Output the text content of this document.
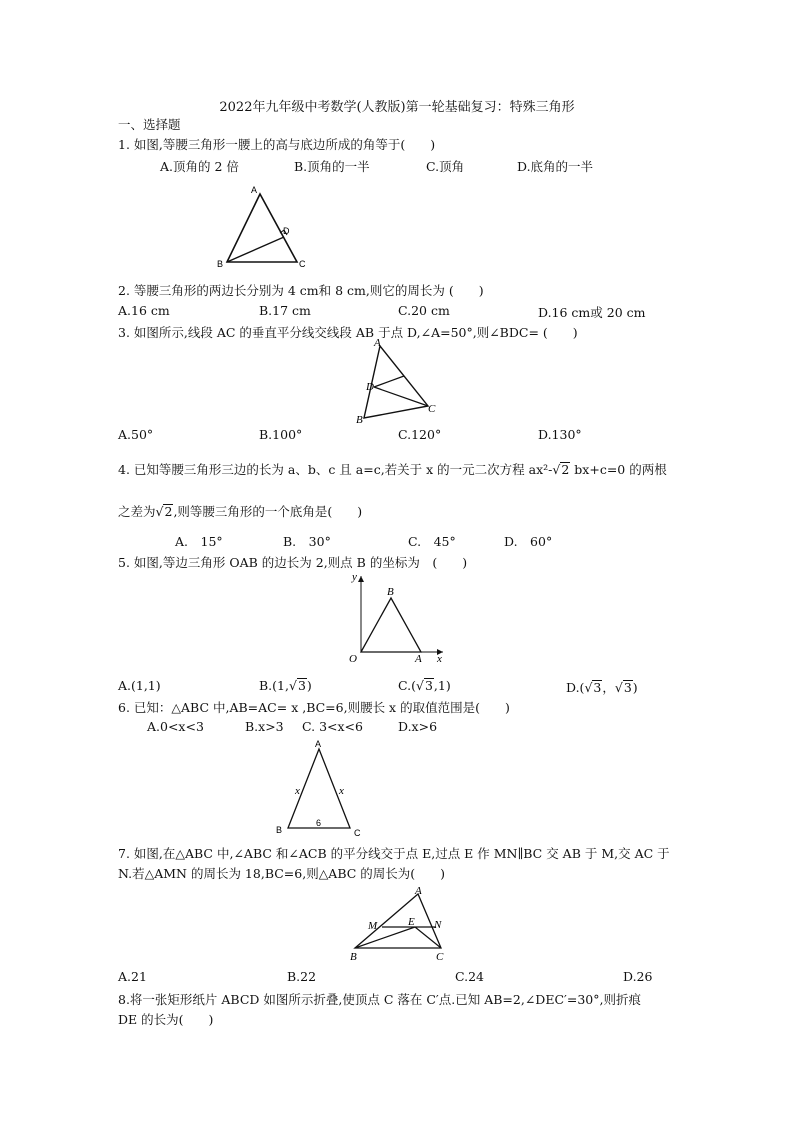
2022年九年级中考数学(人教版)第一轮基础复习：特殊三角形
一、选择题
1. 如图,等腰三角形一腰上的高与底边所成的角等于(　　)
A.顶角的 2 倍	B.顶角的一半	C.顶角	D.底角的一半
A
B	C
D
2. 等腰三角形的两边长分别为 4 cm和 8 cm,则它的周长为 (　　)
A.16 cm	B.17 cm	C.20 cm	D.16 cm或 20 cm
3. 如图所示,线段 AC 的垂直平分线交线段 AB 于点 D,∠A=50°,则∠BDC= (　　)
A
D
B
C
A.50°	B.100°	C.120°	D.130°
4. 已知等腰三角形三边的长为 a、b、c 且 a=c,若关于 x 的一元二次方程 ax²-√2 bx+c=0 的两根
之差为√2,则等腰三角形的一个底角是(　　)
A.　15°	B.　30°	C.　45°	D.　60°
5. 如图,等边三角形 OAB 的边长为 2,则点 B 的坐标为　(　　)
y
B
O	A x
A.(1,1)	B.(1,√3)	C.(√3,1)	D.(√3，√3)
6. 已知：△ABC 中,AB=AC= x ,BC=6,则腰长 x 的取值范围是(　　)
A.0<x<3	B.x>3 C. 3<x<6	D.x>6
A
x	x
B
6
C
7. 如图,在△ABC 中,∠ABC 和∠ACB 的平分线交于点 E,过点 E 作 MN∥BC 交 AB 于 M,交 AC 于
N.若△AMN 的周长为 18,BC=6,则△ABC 的周长为(　　)
A
M	E N
B	C
A.21	B.22	C.24	D.26
8.将一张矩形纸片 ABCD 如图所示折叠,使顶点 C 落在 C′点.已知 AB=2,∠DEC′=30°,则折痕
DE 的长为(　　)
